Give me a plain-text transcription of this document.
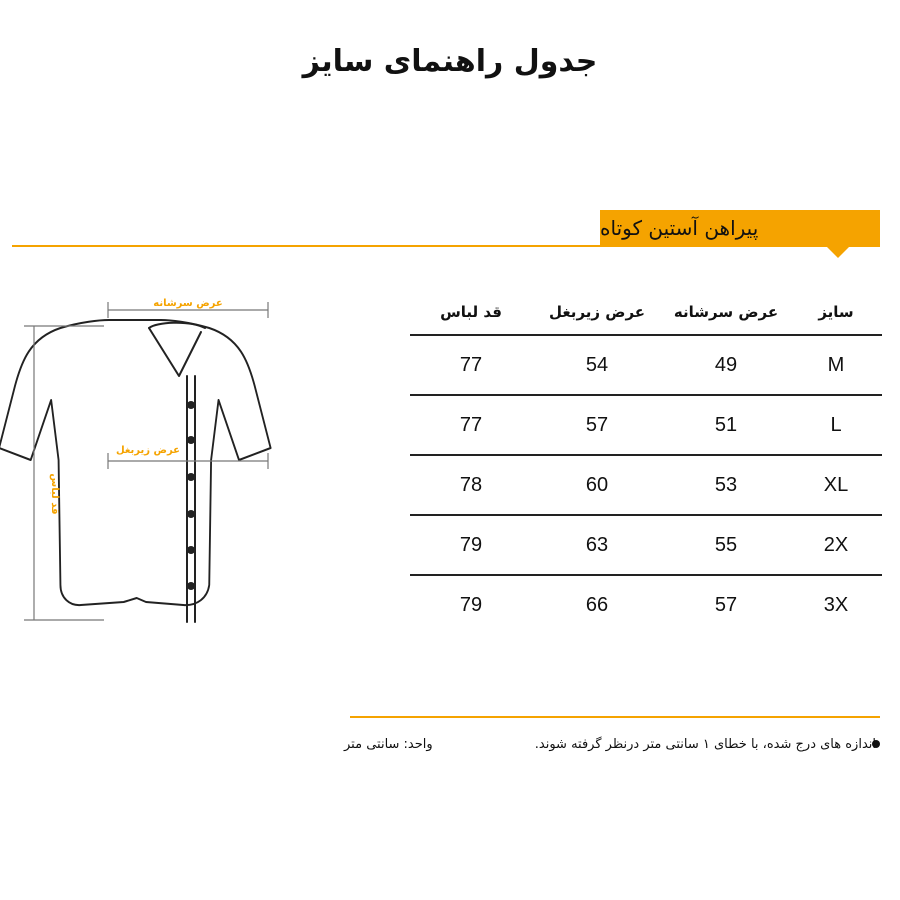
جدول راهنمای سایز
پیراهن آستین کوتاه
عرض سرشانه
عرض زیربغل
قد لباس
قد لباس	عرض زیربغل	عرض سرشانه	سایز
77	54	49	M
77	57	51	L
78	60	53	XL
79	63	55	2X
79	66	57	3X
اندازه های درج شده، با خطای ۱ سانتی متر درنظر گرفته شوند.
واحد: سانتی متر
